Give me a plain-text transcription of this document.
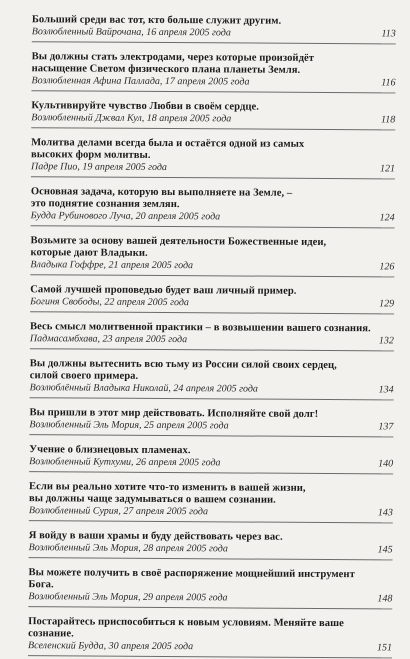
Больший среди вас тот, кто больше служит другим.
Возлюбленный Вайрочана, 16 апреля 2005 года	113
Вы должны стать электродами, через которые произойдёт
насыщение Светом физического плана планеты Земля.
Возлюбленная Афина Паллада, 17 апреля 2005 года	116
Культивируйте чувство Любви в своём сердце.
Возлюбленный Джвал Кул, 18 апреля 2005 года	118
Молитва делами всегда была и остаётся одной из самых
высоких форм молитвы.
Падре Пио, 19 апреля 2005 года	121
Основная задача, которую вы выполняете на Земле, –
это поднятие сознания землян.
Будда Рубинового Луча, 20 апреля 2005 года	124
Возьмите за основу вашей деятельности Божественные идеи,
которые дают Владыки.
Владыка Гоффре, 21 апреля 2005 года	126
Самой лучшей проповедью будет ваш личный пример.
Богиня Свободы, 22 апреля 2005 года	129
Весь смысл молитвенной практики – в возвышении вашего сознания.
Падмасамбхава, 23 апреля 2005 года	132
Вы должны вытеснить всю тьму из России силой своих сердец,
силой своего примера.
Возлюблённый Владыка Николай, 24 апреля 2005 года	134
Вы пришли в этот мир действовать. Исполняйте свой долг!
Возлюбленный Эль Мория, 25 апреля 2005 года	137
Учение о близнецовых пламенах.
Возлюбленный Кутхуми, 26 апреля 2005 года	140
Если вы реально хотите что-то изменить в вашей жизни,
вы должны чаще задумываться о вашем сознании.
Возлюбленный Сурия, 27 апреля 2005 года	143
Я войду в ваши храмы и буду действовать через вас.
Возлюбленный Эль Мория, 28 апреля 2005 года	145
Вы можете получить в своё распоряжение мощнейший инструмент Бога.
Возлюбленный Эль Мория, 29 апреля 2005 года	148
Постарайтесь приспособиться к новым условиям. Меняйте ваше сознание.
Вселенский Будда, 30 апреля 2005 года	151
